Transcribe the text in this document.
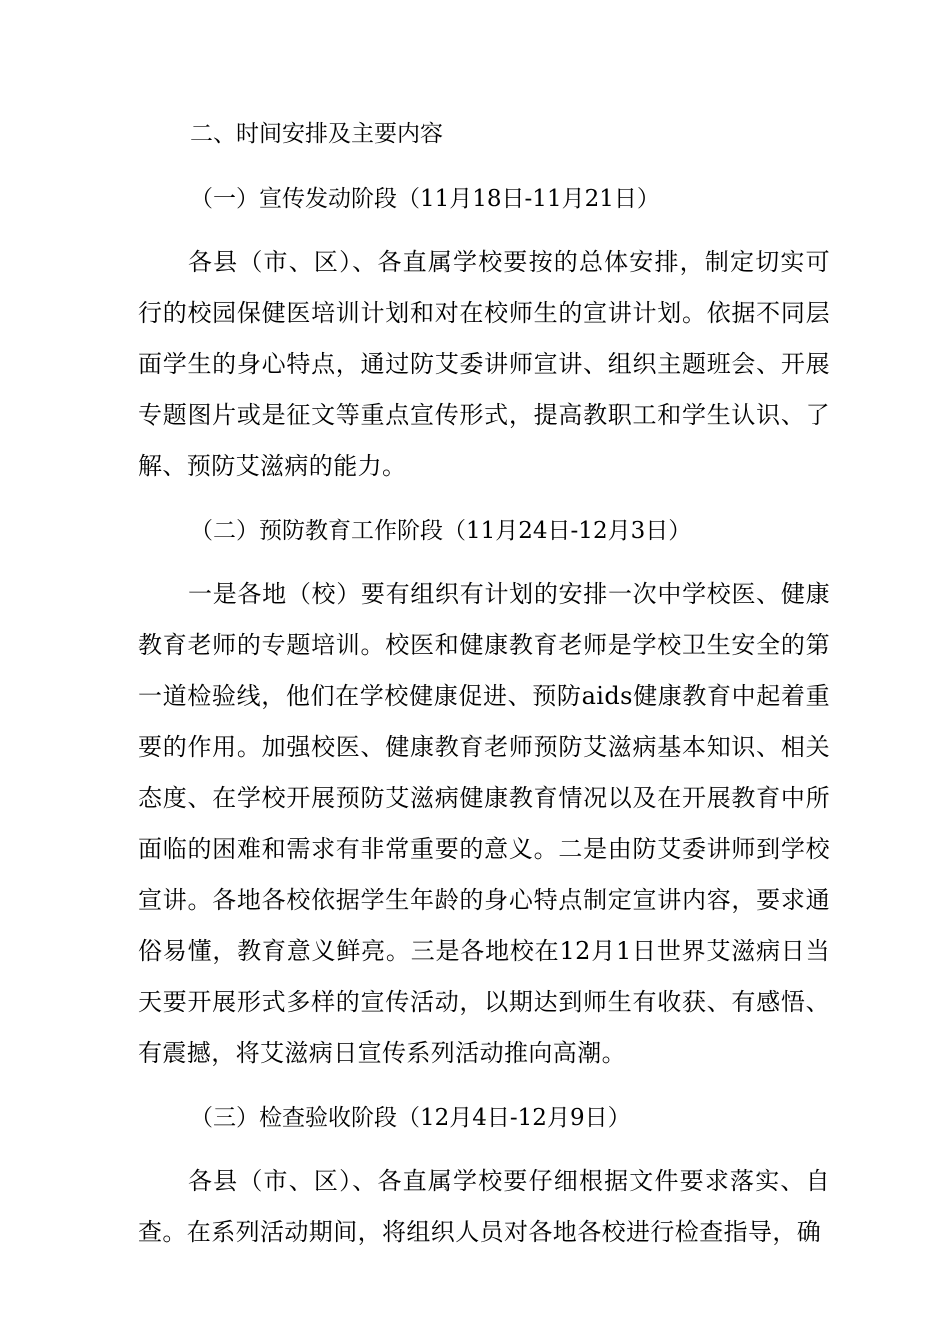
二、时间安排及主要内容
（一）宣传发动阶段（11月18日-11月21日）

各县（市、区）、各直属学校要按的总体安排，制定切实可行的校园保健医培训计划和对在校师生的宣讲计划。依据不同层面学生的身心特点，通过防艾委讲师宣讲、组织主题班会、开展专题图片或是征文等重点宣传形式，提高教职工和学生认识、了解、预防艾滋病的能力。

（二）预防教育工作阶段（11月24日-12月3日）

一是各地（校）要有组织有计划的安排一次中学校医、健康教育老师的专题培训。校医和健康教育老师是学校卫生安全的第一道检验线，他们在学校健康促进、预防aids健康教育中起着重要的作用。加强校医、健康教育老师预防艾滋病基本知识、相关态度、在学校开展预防艾滋病健康教育情况以及在开展教育中所面临的困难和需求有非常重要的意义。二是由防艾委讲师到学校宣讲。各地各校依据学生年龄的身心特点制定宣讲内容，要求通俗易懂，教育意义鲜亮。三是各地校在12月1日世界艾滋病日当天要开展形式多样的宣传活动，以期达到师生有收获、有感悟、有震撼，将艾滋病日宣传系列活动推向高潮。

（三）检查验收阶段（12月4日-12月9日）

各县（市、区）、各直属学校要仔细根据文件要求落实、自查。在系列活动期间，将组织人员对各地各校进行检查指导，确
